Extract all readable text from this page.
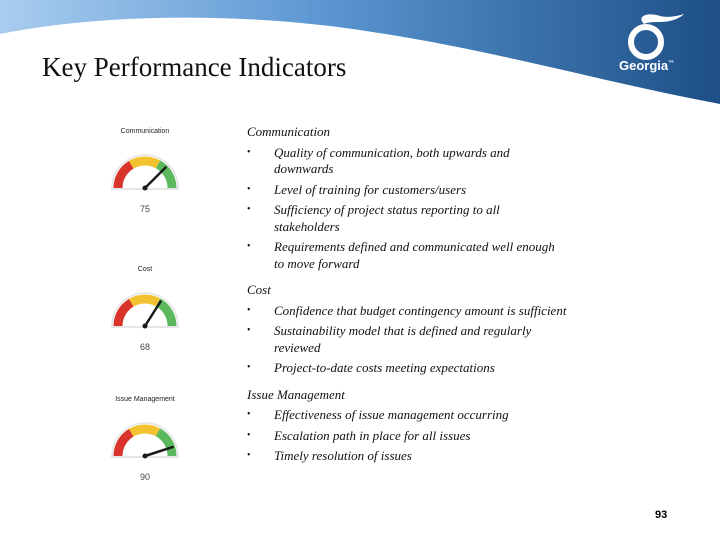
Georgia™
Key Performance Indicators
Communication
75
Cost
68
Issue Management
90
Communication
• Quality of communication, both upwards and downwards
• Level of training for customers/users
• Sufficiency of project status reporting to all stakeholders
• Requirements defined and communicated well enough to move forward
Cost
• Confidence that budget contingency amount is sufficient
• Sustainability model that is defined and regularly reviewed
• Project-to-date costs meeting expectations
Issue Management
• Effectiveness of issue management occurring
• Escalation path in place for all issues
• Timely resolution of issues
93
